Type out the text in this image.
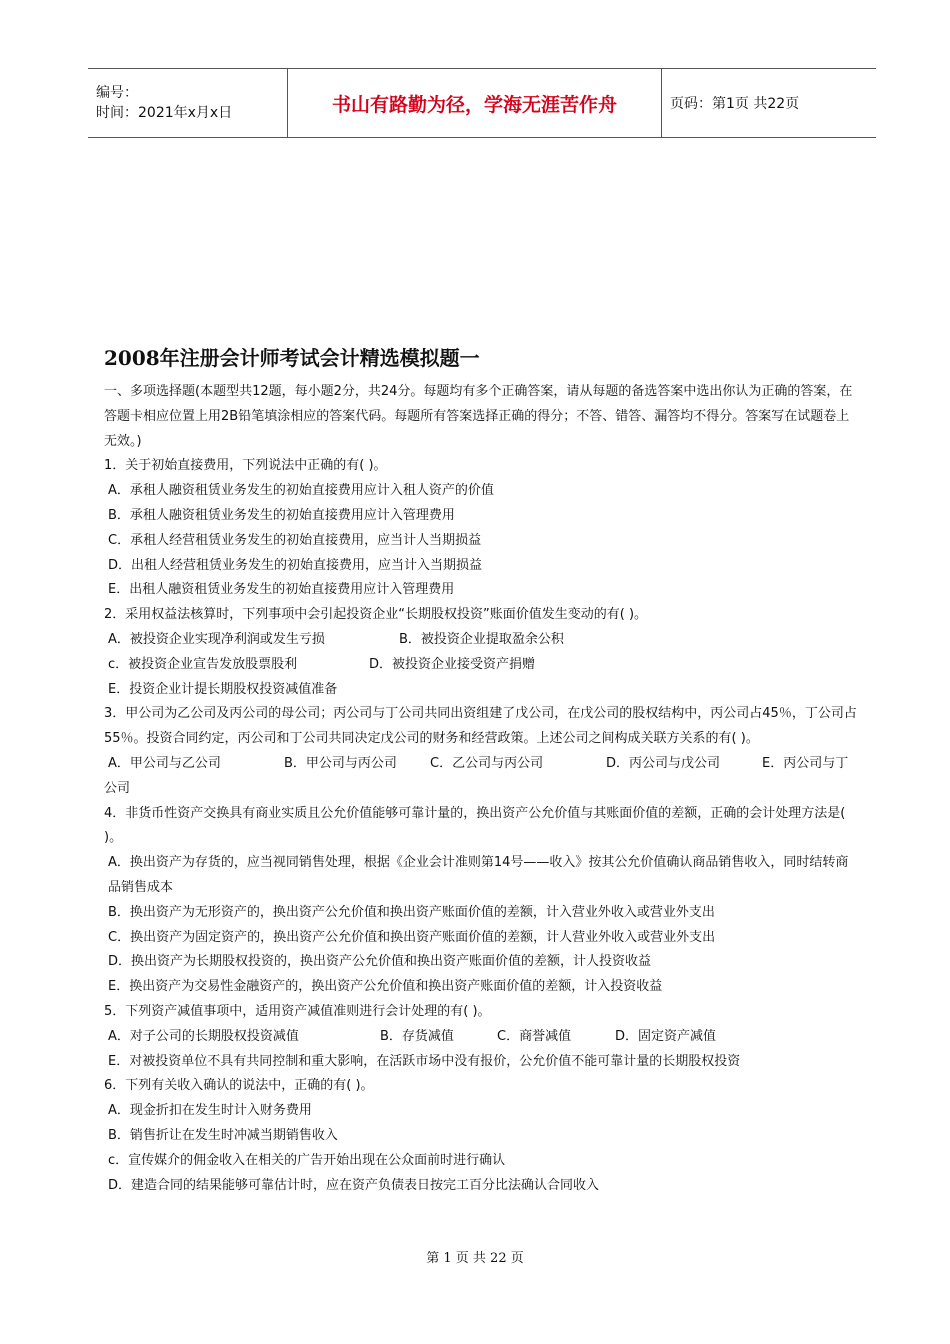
编号：
时间：2021年x月x日	书山有路勤为径，学海无涯苦作舟	页码：第1页 共22页
2008年注册会计师考试会计精选模拟题一

一、多项选择题(本题型共12题，每小题2分，共24分。每题均有多个正确答案，请从每题的备选答案中选出你认为正确的答案，在答题卡相应位置上用2B铅笔填涂相应的答案代码。每题所有答案选择正确的得分；不答、错答、漏答均不得分。答案写在试题卷上无效。)

1．关于初始直接费用，下列说法中正确的有( )。

A．承租人融资租赁业务发生的初始直接费用应计入租人资产的价值

B．承租人融资租赁业务发生的初始直接费用应计入管理费用

C．承租人经营租赁业务发生的初始直接费用，应当计人当期损益

D．出租人经营租赁业务发生的初始直接费用，应当计入当期损益

E．出租人融资租赁业务发生的初始直接费用应计入管理费用

2．采用权益法核算时，下列事项中会引起投资企业“长期股权投资”账面价值发生变动的有( )。

A．被投资企业实现净利润或发生亏损	B．被投资企业提取盈余公积
c．被投资企业宣告发放股票股利	D．被投资企业接受资产捐赠

E．投资企业计提长期股权投资减值准备

3．甲公司为乙公司及丙公司的母公司；丙公司与丁公司共同出资组建了戊公司，在戊公司的股权结构中，丙公司占45％，丁公司占55％。投资合同约定，丙公司和丁公司共同决定戊公司的财务和经营政策。上述公司之间构成关联方关系的有( )。

A．甲公司与乙公司	B．甲公司与丙公司	C．乙公司与丙公司	D．丙公司与戊公司	E．丙公司与丁

公司

4．非货币性资产交换具有商业实质且公允价值能够可靠计量的，换出资产公允价值与其账面价值的差额，正确的会计处理方法是( )。

A．换出资产为存货的，应当视同销售处理，根据《企业会计准则第14号——收入》按其公允价值确认商品销售收入，同时结转商品销售成本

B．换出资产为无形资产的，换出资产公允价值和换出资产账面价值的差额，计入营业外收入或营业外支出

C．换出资产为固定资产的，换出资产公允价值和换出资产账面价值的差额，计人营业外收入或营业外支出

D．换出资产为长期股权投资的，换出资产公允价值和换出资产账面价值的差额，计人投资收益

E．换出资产为交易性金融资产的，换出资产公允价值和换出资产账面价值的差额，计入投资收益

5．下列资产减值事项中，适用资产减值准则进行会计处理的有( )。

A．对子公司的长期股权投资减值	B．存货减值	C．商誉减值	D．固定资产减值

E．对被投资单位不具有共同控制和重大影响，在活跃市场中没有报价，公允价值不能可靠计量的长期股权投资

6．下列有关收入确认的说法中，正确的有( )。

A．现金折扣在发生时计入财务费用

B．销售折让在发生时冲减当期销售收入

c．宣传媒介的佣金收入在相关的广告开始出现在公众面前时进行确认

D．建造合同的结果能够可靠估计时，应在资产负债表日按完工百分比法确认合同收入

第 1 页 共 22 页
